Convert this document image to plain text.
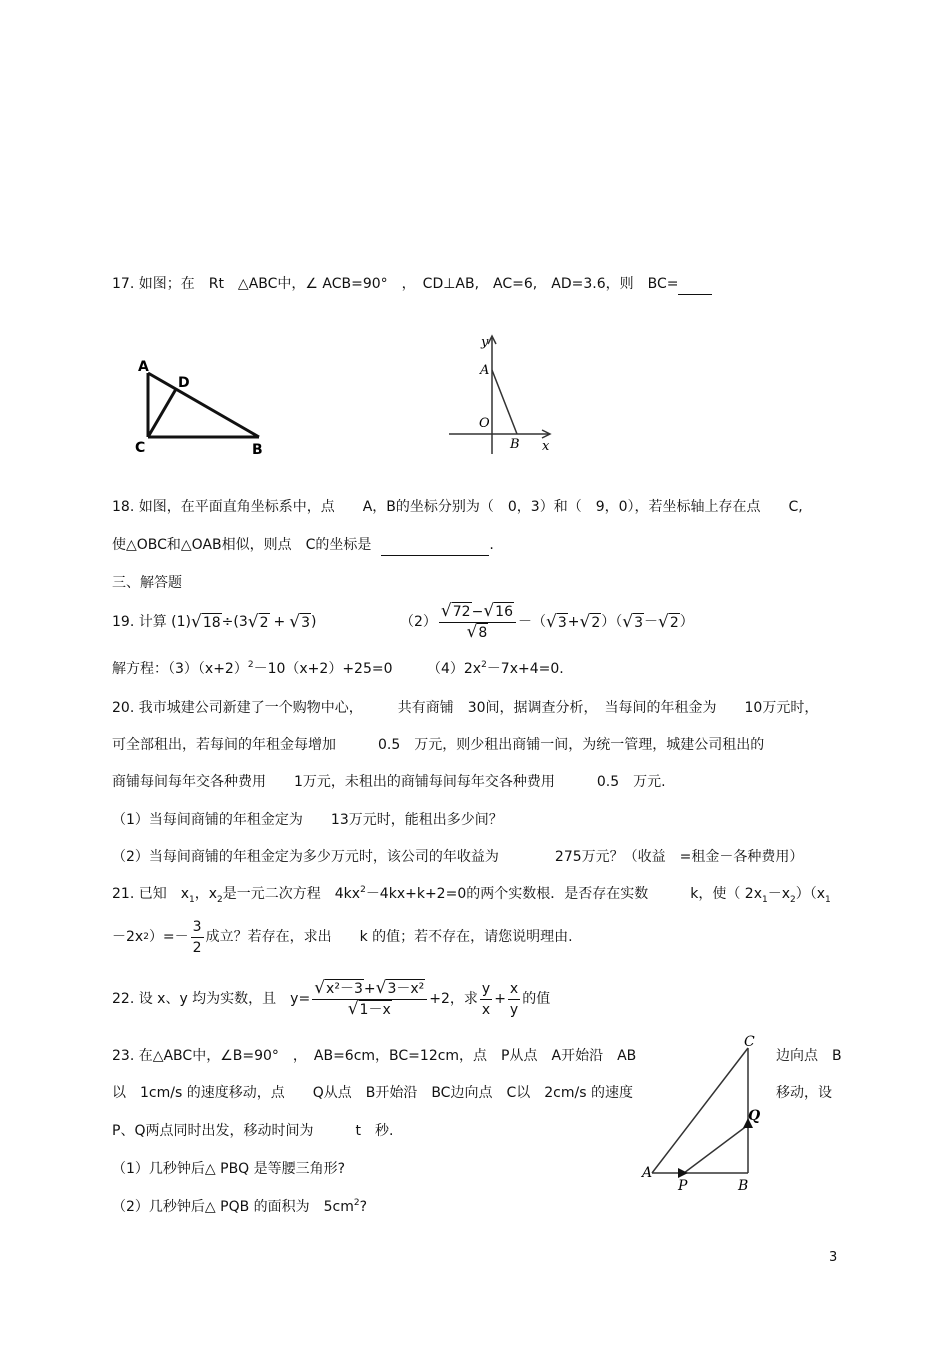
17. 如图；在　Rt　△ABC中，∠ ACB=90°　，　CD⊥AB,　AC=6,　AD=3.6，则　BC=
A
D
C	B
y
x
A
O
B
18. 如图，在平面直角坐标系中，点　　A，B的坐标分别为（　0，3）和（　9，0），若坐标轴上存在点　　C,
使△OBC和△OAB相似，则点　C的坐标是	.
三、解答题
19. 计算 (1) √ 18 ÷(3 √ 2 + √ 3 )	$(2) \frac{√ 72 - √ 16}{√ 8}$ －（ √ 3 + √ 2 ）（ √ 3 － √ 2 ）
解方程：$(3)(x+2)^2-10(x+2)+25=0$ $(4)2x^2-7x+4=0$.
20. 我市城建公司新建了一个购物中心，　　　共有商铺　30间，据调查分析，　当每间的年租金为　　10万元时，
可全部租出，若每间的年租金每增加　　　0.5　万元，则少租出商铺一间，为统一管理，城建公司租出的
商铺每间每年交各种费用　　1万元，未租出的商铺每间每年交各种费用　　　0.5　万元.
（1）当每间商铺的年租金定为　　13万元时，能租出多少间？
（2）当每间商铺的年租金定为多少万元时，该公司的年收益为　　　　275万元？（收益　=租金－各种费用）
21. 已知　$x_1$，$x_2$是一元二次方程　$4kx^2-4kx+k+2=0$的两个实数根．是否存在实数　　　k，使（ $2x_1-x_2)(x_1$
－2x 2 ）=－ $\frac{3}{2}$ 成立？若存在，求出　　k 的值；若不存在，请您说明理由.
22. 设 x、y 均为实数，且　$y= \frac{\text{√ x²－3 + √ 3－x²}}{√ 1-x} +2$，求 $\frac{y}{x} + \frac{x}{y}$ 的值
23. 在△ABC中，∠B=90°　，　AB=6cm，BC=12cm，点　P从点　A开始沿　AB	边向点　B
以　1cm/s 的速度移动，点　　Q从点　B开始沿　BC边向点　C以　2cm/s 的速度	移动，设
P、Q两点同时出发，移动时间为　　　t　秒.
（1）几秒钟后△ PBQ 是等腰三角形?
（2）几秒钟后△ PQB 的面积为　$5cm^2$?
C
Q
A
P	B
3
